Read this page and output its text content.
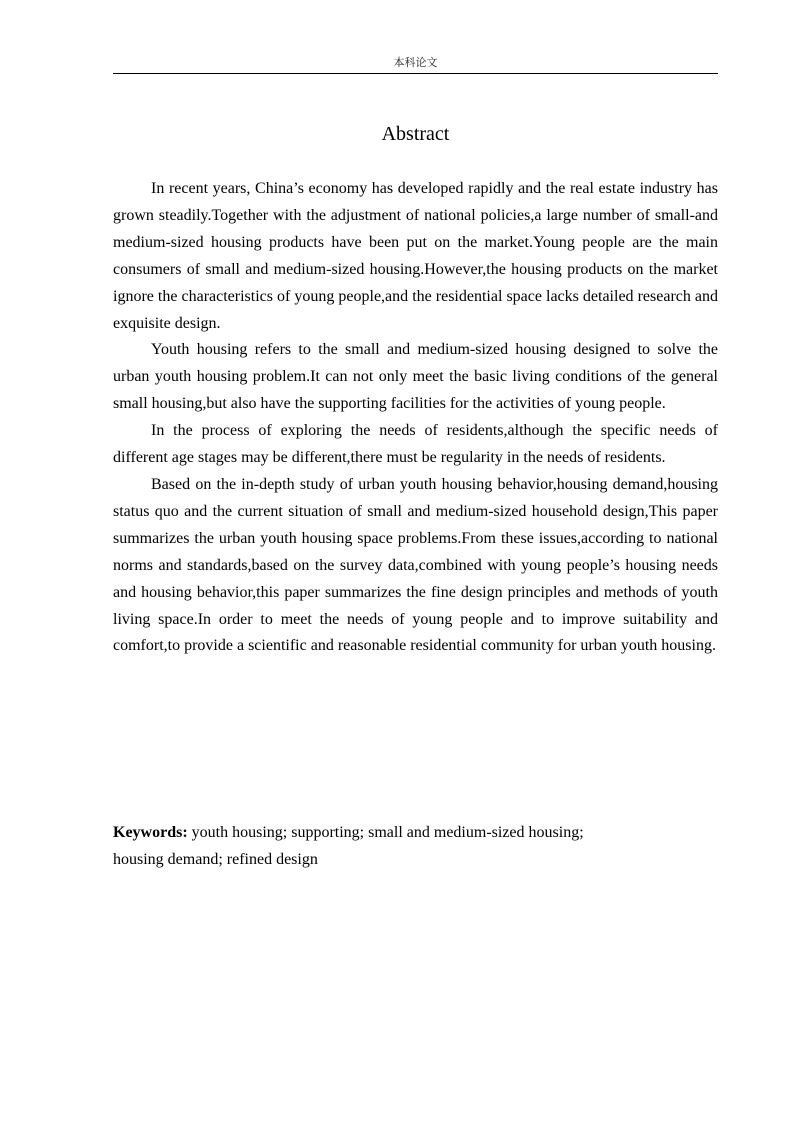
本科论文
Abstract

In recent years, China’s economy has developed rapidly and the real estate industry has grown steadily.Together with the adjustment of national policies,a large number of small-and medium-sized housing products have been put on the market.Young people are the main consumers of small and medium-sized housing.However,the housing products on the market ignore the characteristics of young people,and the residential space lacks detailed research and exquisite design.

Youth housing refers to the small and medium-sized housing designed to solve the urban youth housing problem.It can not only meet the basic living conditions of the general small housing,but also have the supporting facilities for the activities of young people.

In the process of exploring the needs of residents,although the specific needs of different age stages may be different,there must be regularity in the needs of residents.

Based on the in-depth study of urban youth housing behavior,housing demand,housing status quo and the current situation of small and medium-sized household design,This paper summarizes the urban youth housing space problems.From these issues,according to national norms and standards,based on the survey data,combined with young people’s housing needs and housing behavior,this paper summarizes the fine design principles and methods of youth living space.In order to meet the needs of young people and to improve suitability and comfort,to provide a scientific and reasonable residential community for urban youth housing.

Keywords: youth housing; supporting; small and medium-sized housing;
housing demand; refined design
